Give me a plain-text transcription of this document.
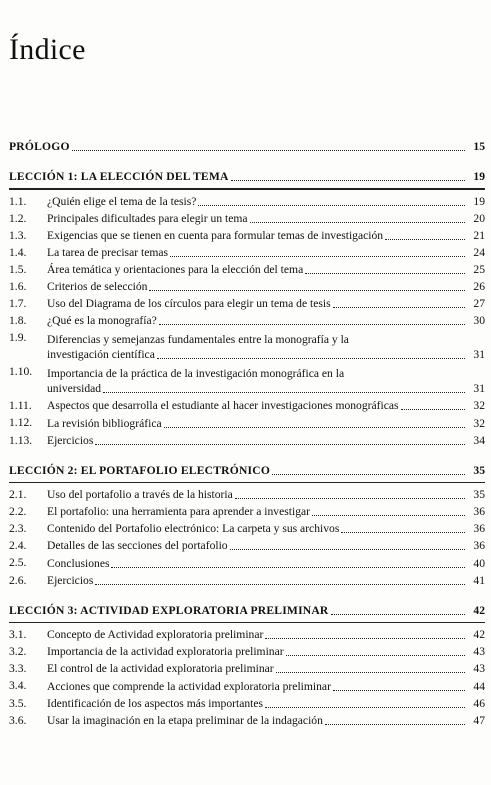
Índice
PRÓLOGO	15
LECCIÓN 1: LA ELECCIÓN DEL TEMA	19
1.1.	¿Quién elige el tema de la tesis?	19
1.2.	Principales dificultades para elegir un tema	20
1.3.	Exigencias que se tienen en cuenta para formular temas de investigación	21
1.4.	La tarea de precisar temas	24
1.5.	Área temática y orientaciones para la elección del tema	25
1.6.	Criterios de selección	26
1.7.	Uso del Diagrama de los círculos para elegir un tema de tesis	27
1.8.	¿Qué es la monografía?	30
1.9.	Diferencias y semejanzas fundamentales entre la monografía y la
investigación científica	31
1.10.	Importancia de la práctica de la investigación monográfica en la
universidad	31
1.11.	Aspectos que desarrolla el estudiante al hacer investigaciones monográficas	32
1.12.	La revisión bibliográfica	32
1.13.	Ejercicios	34
LECCIÓN 2: EL PORTAFOLIO ELECTRÓNICO	35
2.1.	Uso del portafolio a través de la historia	35
2.2.	El portafolio: una herramienta para aprender a investigar	36
2.3.	Contenido del Portafolio electrónico: La carpeta y sus archivos	36
2.4.	Detalles de las secciones del portafolio	36
2.5.	Conclusiones	40
2.6.	Ejercicios	41
LECCIÓN 3: ACTIVIDAD EXPLORATORIA PRELIMINAR	42
3.1.	Concepto de Actividad exploratoria preliminar	42
3.2.	Importancia de la actividad exploratoria preliminar	43
3.3.	El control de la actividad exploratoria preliminar	43
3.4.	Acciones que comprende la actividad exploratoria preliminar	44
3.5.	Identificación de los aspectos más importantes	46
3.6.	Usar la imaginación en la etapa preliminar de la indagación	47
